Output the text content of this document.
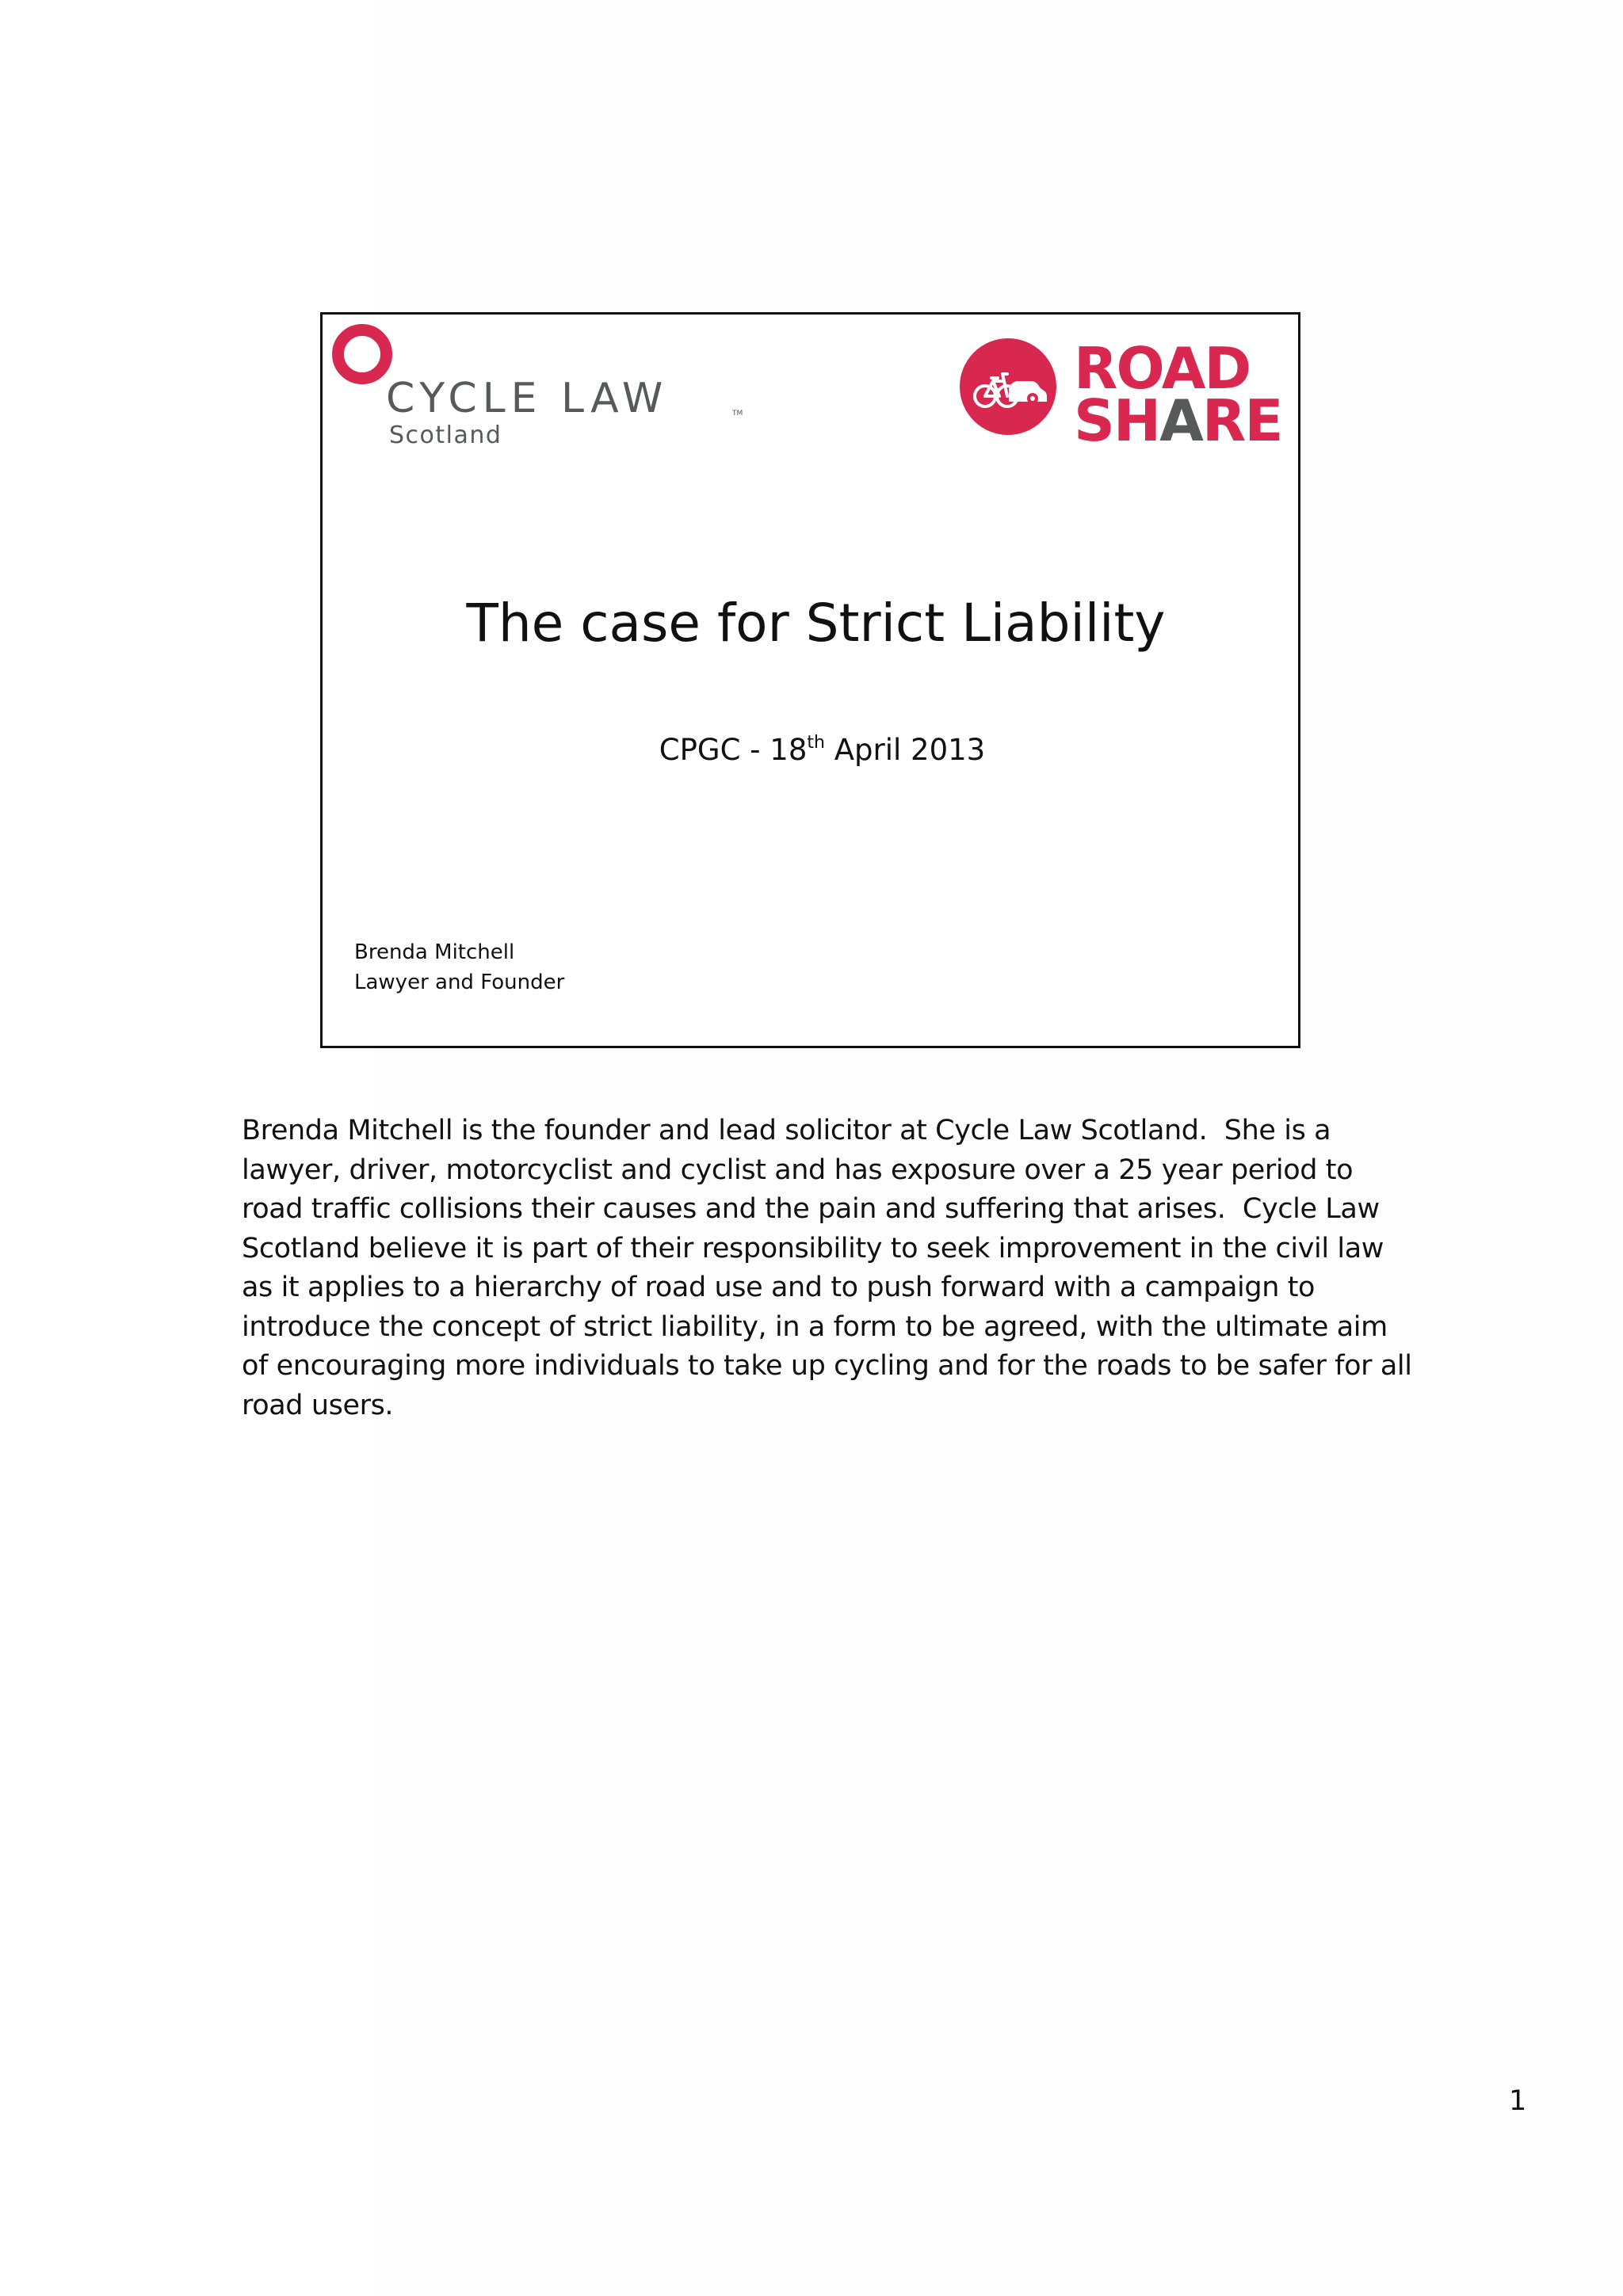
CYCLE LAW	TM
Scotland
ROAD
SHARE
The case for Strict Liability
CPGC - 18th April 2013
Brenda Mitchell
Lawyer and Founder
Brenda Mitchell is the founder and lead solicitor at Cycle Law Scotland.  She is a
lawyer, driver, motorcyclist and cyclist and has exposure over a 25 year period to
road traffic collisions their causes and the pain and suffering that arises.  Cycle Law
Scotland believe it is part of their responsibility to seek improvement in the civil law
as it applies to a hierarchy of road use and to push forward with a campaign to
introduce the concept of strict liability, in a form to be agreed, with the ultimate aim
of encouraging more individuals to take up cycling and for the roads to be safer for all
road users.
1
